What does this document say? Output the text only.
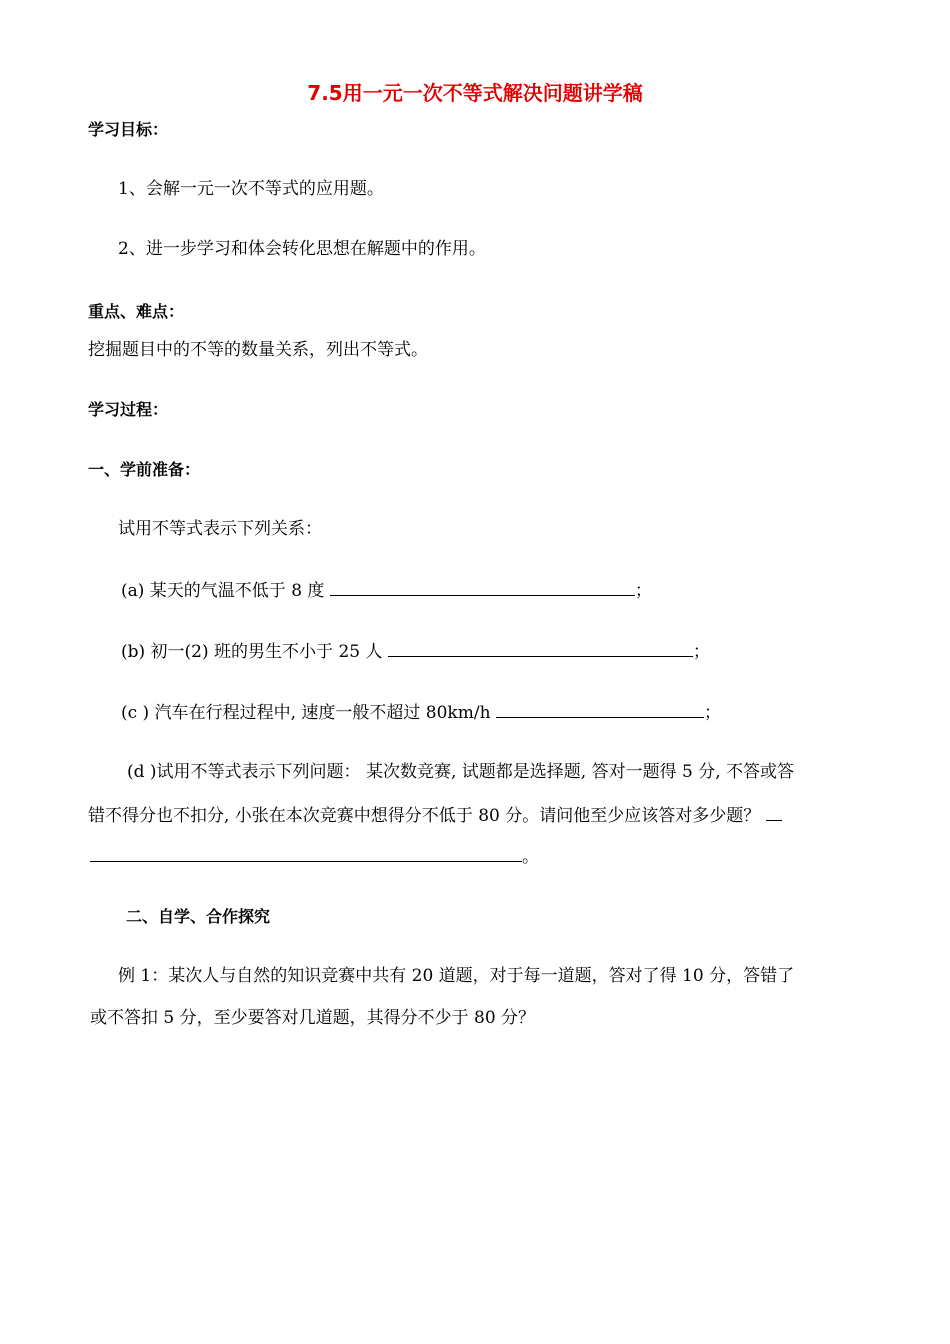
7.5用一元一次不等式解决问题讲学稿
学习目标：
1、会解一元一次不等式的应用题。
2、进一步学习和体会转化思想在解题中的作用。
重点、难点：
挖掘题目中的不等的数量关系，列出不等式。
学习过程：
一、学前准备：
试用不等式表示下列关系：
(a) 某天的气温不低于 8 度	；
(b) 初一(2) 班的男生不小于 25 人	；
(c ) 汽车在行程过程中, 速度一般不超过 80km/h	；
(d )试用不等式表示下列问题： 某次数竞赛, 试题都是选择题, 答对一题得 5 分, 不答或答
错不得分也不扣分, 小张在本次竞赛中想得分不低于 80 分。请问他至少应该答对多少题？
。
二、自学、合作探究
例 1：某次人与自然的知识竞赛中共有 20 道题，对于每一道题，答对了得 10 分，答错了
或不答扣 5 分，至少要答对几道题，其得分不少于 80 分？
